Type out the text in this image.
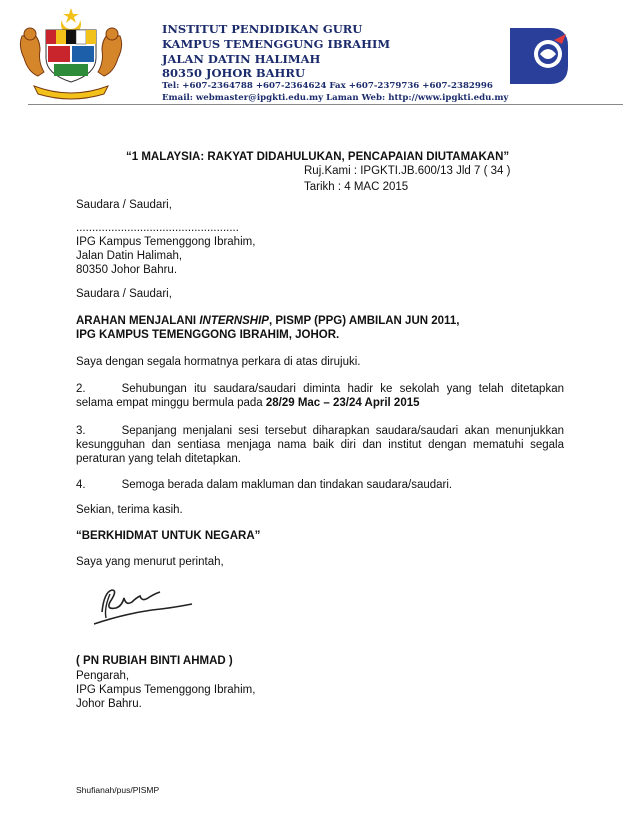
INSTITUT PENDIDIKAN GURU
KAMPUS TEMENGGUNG IBRAHIM
JALAN DATIN HALIMAH
80350 JOHOR BAHRU
Tel: +607-2364788 +607-2364624 Fax +607-2379736 +607-2382996
Email: webmaster@ipgkti.edu.my Laman Web: http://www.ipgkti.edu.my
IPG
“1 MALAYSIA: RAKYAT DIDAHULUKAN, PENCAPAIAN DIUTAMAKAN”
Ruj.Kami : IPGKTI.JB.600/13 Jld 7 ( 34 )
Tarikh : 4 MAC 2015
Saudara / Saudari,
...................................................
IPG Kampus Temenggong Ibrahim,
Jalan Datin Halimah,
80350 Johor Bahru.
Saudara / Saudari,
ARAHAN MENJALANI INTERNSHIP, PISMP (PPG) AMBILAN JUN 2011,
IPG KAMPUS TEMENGGONG IBRAHIM, JOHOR.
Saya dengan segala hormatnya perkara di atas dirujuki.
2.	Sehubungan itu saudara/saudari diminta hadir ke sekolah yang telah ditetapkan selama empat minggu bermula pada 28/29 Mac – 23/24 April 2015
3.	Sepanjang menjalani sesi tersebut diharapkan saudara/saudari akan menunjukkan kesungguhan dan sentiasa menjaga nama baik diri dan institut dengan mematuhi segala peraturan yang telah ditetapkan.
4.	Semoga berada dalam makluman dan tindakan saudara/saudari.
Sekian, terima kasih.
“BERKHIDMAT UNTUK NEGARA”
Saya yang menurut perintah,
( PN RUBIAH BINTI AHMAD )
Pengarah,
IPG Kampus Temenggong Ibrahim,
Johor Bahru.
Shufianah/pus/PISMP
